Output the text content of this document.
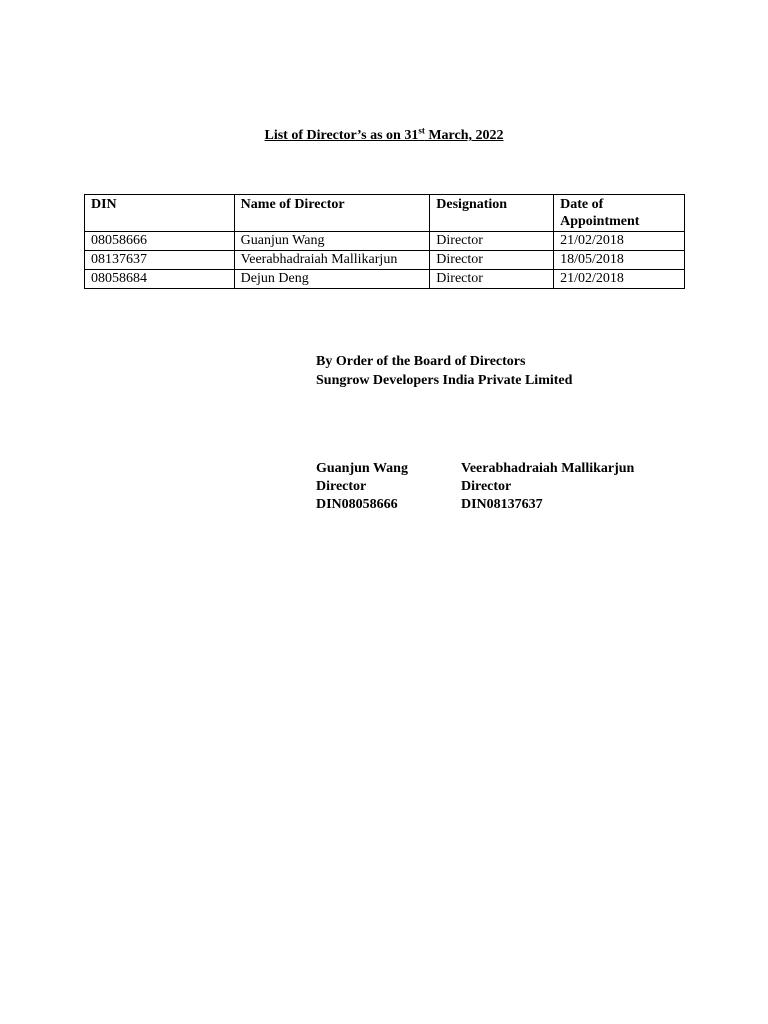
List of Director’s as on 31st March, 2022
DIN	Name of Director	Designation	Date of Appointment
08058666	Guanjun Wang	Director	21/02/2018
08137637	Veerabhadraiah Mallikarjun	Director	18/05/2018
08058684	Dejun Deng	Director	21/02/2018
By Order of the Board of Directors
Sungrow Developers India Private Limited
Guanjun Wang
Director
DIN08058666
Veerabhadraiah Mallikarjun
Director
DIN08137637
